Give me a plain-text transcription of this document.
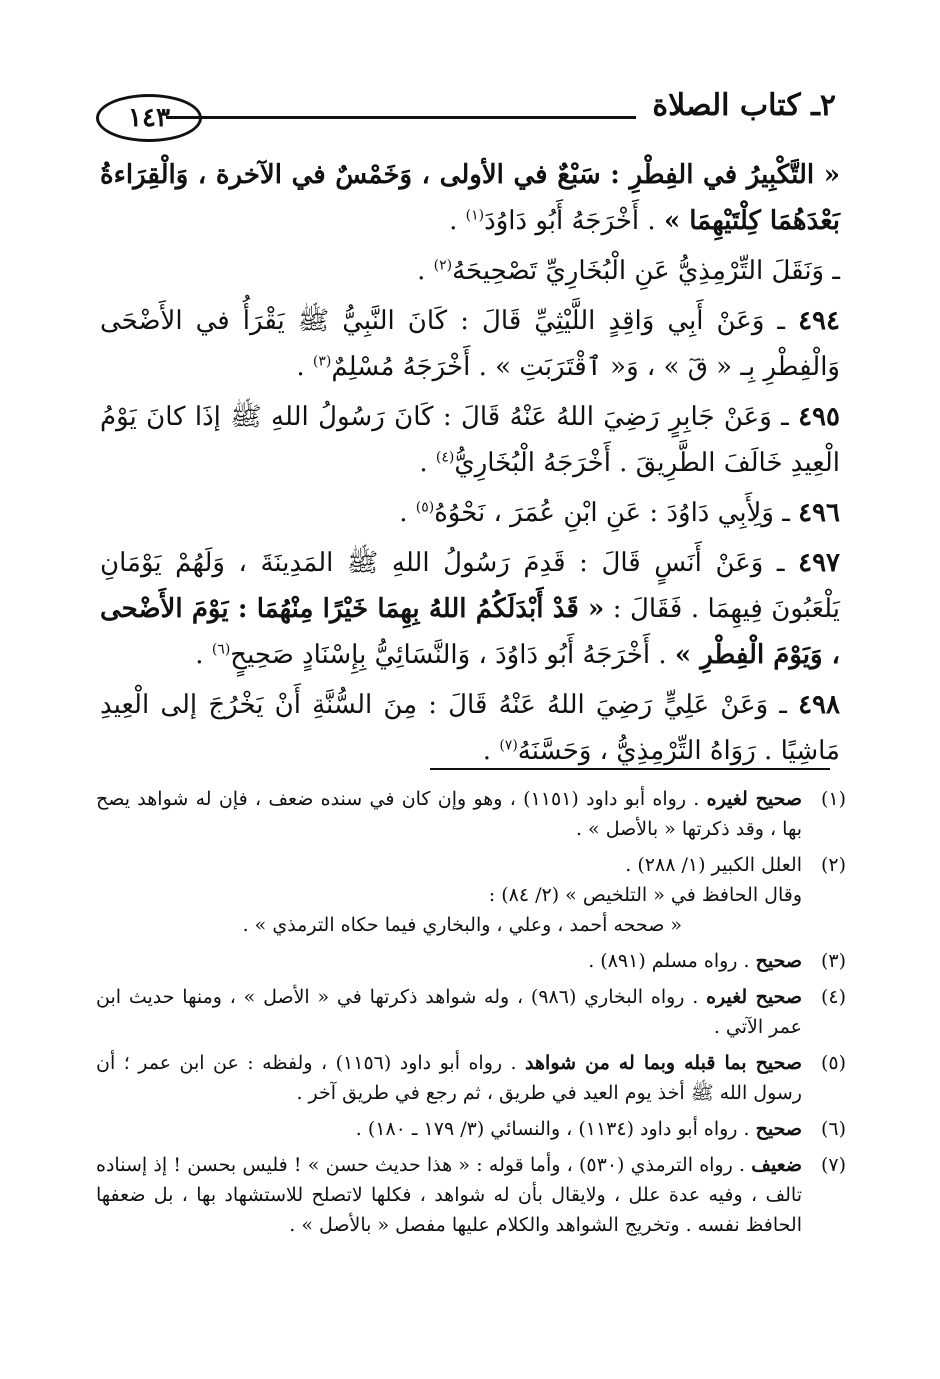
٢ـ كتاب الصلاة
١٤٣

« التَّكْبِيرُ في الفِطْرِ : سَبْعٌ في الأولى ، وَخَمْسٌ في الآخرة ، وَالْقِرَاءةُ بَعْدَهُمَا كِلْتَيْهِمَا » . أَخْرَجَهُ أَبُو دَاوُدَ$^{(١)}$ .

ـ وَنَقَلَ التِّرْمِذِيُّ عَنِ الْبُخَارِيِّ تَصْحِيحَهُ$^{(٢)}$ .

٤٩٤ ـ وَعَنْ أَبِي وَاقِدٍ اللَّيْثِيِّ قَالَ : كَانَ النَّبِيُّ ﷺ يَقْرَأُ في الأَضْحَى وَالْفِطْرِ بِـ « قٓ » ، وَ« ٱقْتَرَبَتِ » . أَخْرَجَهُ مُسْلِمٌ$^{(٣)}$ .

٤٩٥ ـ وَعَنْ جَابِرٍ رَضِيَ اللهُ عَنْهُ قَالَ : كَانَ رَسُولُ اللهِ ﷺ إذَا كانَ يَوْمُ الْعِيدِ خَالَفَ الطَّرِيقَ . أَخْرَجَهُ الْبُخَارِيُّ$^{(٤)}$ .

٤٩٦ ـ وَلِأَبِي دَاوُدَ : عَنِ ابْنِ عُمَرَ ، نَحْوُهُ$^{(٥)}$ .

٤٩٧ ـ وَعَنْ أَنَسٍ قَالَ : قَدِمَ رَسُولُ اللهِ ﷺ المَدِينَةَ ، وَلَهُمْ يَوْمَانِ يَلْعَبُونَ فِيهِمَا . فَقَالَ : « قَدْ أَبْدَلَكُمُ اللهُ بِهِمَا خَيْرًا مِنْهُمَا : يَوْمَ الأَضْحى ، وَيَوْمَ الْفِطْرِ » . أَخْرَجَهُ أَبُو دَاوُدَ ، وَالنَّسَائِيُّ بِإِسْنَادٍ صَحِيحٍ$^{(٦)}$ .

٤٩٨ ـ وَعَنْ عَلِيٍّ رَضِيَ اللهُ عَنْهُ قَالَ : مِنَ السُّنَّةِ أَنْ يَخْرُجَ إلى الْعِيدِ مَاشِيًا . رَوَاهُ التِّرْمِذِيُّ ، وَحَسَّنَهُ$^{(٧)}$ .

(١)
صحيح لغيره . رواه أبو داود (١١٥١) ، وهو وإن كان في سنده ضعف ، فإن له شواهد يصح بها ، وقد ذكرتها « بالأصل » .
(٢)

العلل الكبير (١/ ٢٨٨) .

وقال الحافظ في « التلخيص » (٢/ ٨٤) :

« صححه أحمد ، وعلي ، والبخاري فيما حكاه الترمذي » .

(٣)
صحيح . رواه مسلم (٨٩١) .
(٤)
صحيح لغيره . رواه البخاري (٩٨٦) ، وله شواهد ذكرتها في « الأصل » ، ومنها حديث ابن عمر الآتي .
(٥)
صحيح بما قبله وبما له من شواهد . رواه أبو داود (١١٥٦) ، ولفظه : عن ابن عمر ؛ أن رسول الله ﷺ أخذ يوم العيد في طريق ، ثم رجع في طريق آخر .
(٦)
صحيح . رواه أبو داود (١١٣٤) ، والنسائي (٣/ ١٧٩ ـ ١٨٠) .
(٧)
ضعيف . رواه الترمذي (٥٣٠) ، وأما قوله : « هذا حديث حسن » ! فليس بحسن ! إذ إسناده تالف ، وفيه عدة علل ، ولايقال بأن له شواهد ، فكلها لاتصلح للاستشهاد بها ، بل ضعفها الحافظ نفسه . وتخريج الشواهد والكلام عليها مفصل « بالأصل » .
